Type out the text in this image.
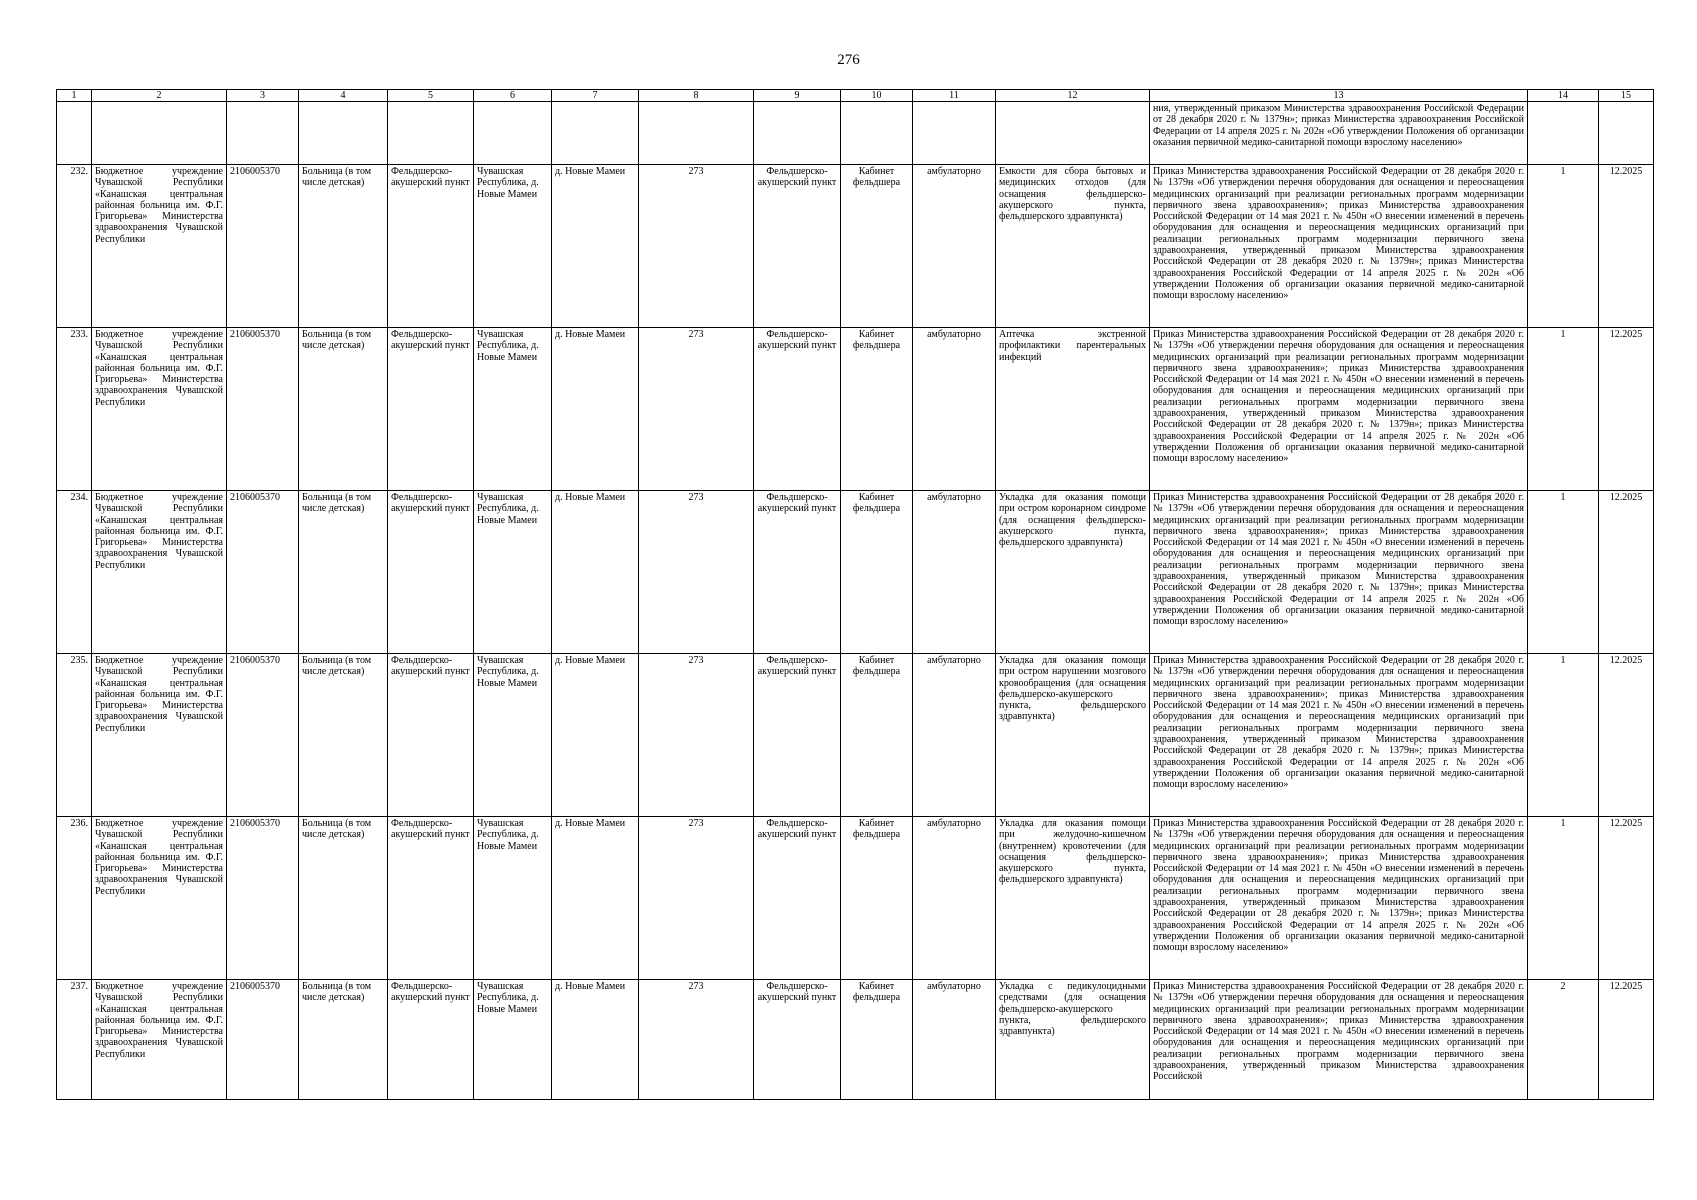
276
1	2	3	4	5	6	7	8	9	10	11	12	13	14	15
												ния, утвержденный приказом Министерства здравоохранения Российской Федерации от 28 декабря 2020 г. № 1379н»; приказ Министерства здравоохранения Российской Федерации от 14 апреля 2025 г. № 202н «Об утверждении Положения об организации оказания первичной медико-санитарной помощи взрослому населению»		
232.	Бюджетное учреждение Чувашской Республики «Канашская центральная районная больница им. Ф.Г. Григорьева» Министерства здравоохранения Чувашской Республики	2106005370	Больница (в том числе детская)	Фельдшерско-акушерский пункт	Чувашская Республика, д. Новые Мамеи	д. Новые Мамеи	273	Фельдшерско-акушерский пункт	Кабинет фельдшера	амбулаторно	Емкости для сбора бытовых и медицинских отходов (для оснащения фельдшерско-акушерского пункта, фельдшерского здравпункта)	Приказ Министерства здравоохранения Российской Федерации от 28 декабря 2020 г. № 1379н «Об утверждении перечня оборудования для оснащения и переоснащения медицинских организаций при реализации региональных программ модернизации первичного звена здравоохранения»; приказ Министерства здравоохранения Российской Федерации от 14 мая 2021 г. № 450н «О внесении изменений в перечень оборудования для оснащения и переоснащения медицинских организаций при реализации региональных программ модернизации первичного звена здравоохранения, утвержденный приказом Министерства здравоохранения Российской Федерации от 28 декабря 2020 г. № 1379н»; приказ Министерства здравоохранения Российской Федерации от 14 апреля 2025 г. № 202н «Об утверждении Положения об организации оказания первичной медико-санитарной помощи взрослому населению»	1	12.2025
233.	Бюджетное учреждение Чувашской Республики «Канашская центральная районная больница им. Ф.Г. Григорьева» Министерства здравоохранения Чувашской Республики	2106005370	Больница (в том числе детская)	Фельдшерско-акушерский пункт	Чувашская Республика, д. Новые Мамеи	д. Новые Мамеи	273	Фельдшерско-акушерский пункт	Кабинет фельдшера	амбулаторно	Аптечка экстренной профилактики парентеральных инфекций	Приказ Министерства здравоохранения Российской Федерации от 28 декабря 2020 г. № 1379н «Об утверждении перечня оборудования для оснащения и переоснащения медицинских организаций при реализации региональных программ модернизации первичного звена здравоохранения»; приказ Министерства здравоохранения Российской Федерации от 14 мая 2021 г. № 450н «О внесении изменений в перечень оборудования для оснащения и переоснащения медицинских организаций при реализации региональных программ модернизации первичного звена здравоохранения, утвержденный приказом Министерства здравоохранения Российской Федерации от 28 декабря 2020 г. № 1379н»; приказ Министерства здравоохранения Российской Федерации от 14 апреля 2025 г. № 202н «Об утверждении Положения об организации оказания первичной медико-санитарной помощи взрослому населению»	1	12.2025
234.	Бюджетное учреждение Чувашской Республики «Канашская центральная районная больница им. Ф.Г. Григорьева» Министерства здравоохранения Чувашской Республики	2106005370	Больница (в том числе детская)	Фельдшерско-акушерский пункт	Чувашская Республика, д. Новые Мамеи	д. Новые Мамеи	273	Фельдшерско-акушерский пункт	Кабинет фельдшера	амбулаторно	Укладка для оказания помощи при остром коронарном синдроме (для оснащения фельдшерско-акушерского пункта, фельдшерского здравпункта)	Приказ Министерства здравоохранения Российской Федерации от 28 декабря 2020 г. № 1379н «Об утверждении перечня оборудования для оснащения и переоснащения медицинских организаций при реализации региональных программ модернизации первичного звена здравоохранения»; приказ Министерства здравоохранения Российской Федерации от 14 мая 2021 г. № 450н «О внесении изменений в перечень оборудования для оснащения и переоснащения медицинских организаций при реализации региональных программ модернизации первичного звена здравоохранения, утвержденный приказом Министерства здравоохранения Российской Федерации от 28 декабря 2020 г. № 1379н»; приказ Министерства здравоохранения Российской Федерации от 14 апреля 2025 г. № 202н «Об утверждении Положения об организации оказания первичной медико-санитарной помощи взрослому населению»	1	12.2025
235.	Бюджетное учреждение Чувашской Республики «Канашская центральная районная больница им. Ф.Г. Григорьева» Министерства здравоохранения Чувашской Республики	2106005370	Больница (в том числе детская)	Фельдшерско-акушерский пункт	Чувашская Республика, д. Новые Мамеи	д. Новые Мамеи	273	Фельдшерско-акушерский пункт	Кабинет фельдшера	амбулаторно	Укладка для оказания помощи при остром нарушении мозгового кровообращения (для оснащения фельдшерско-акушерского пункта, фельдшерского здравпункта)	Приказ Министерства здравоохранения Российской Федерации от 28 декабря 2020 г. № 1379н «Об утверждении перечня оборудования для оснащения и переоснащения медицинских организаций при реализации региональных программ модернизации первичного звена здравоохранения»; приказ Министерства здравоохранения Российской Федерации от 14 мая 2021 г. № 450н «О внесении изменений в перечень оборудования для оснащения и переоснащения медицинских организаций при реализации региональных программ модернизации первичного звена здравоохранения, утвержденный приказом Министерства здравоохранения Российской Федерации от 28 декабря 2020 г. № 1379н»; приказ Министерства здравоохранения Российской Федерации от 14 апреля 2025 г. № 202н «Об утверждении Положения об организации оказания первичной медико-санитарной помощи взрослому населению»	1	12.2025
236.	Бюджетное учреждение Чувашской Республики «Канашская центральная районная больница им. Ф.Г. Григорьева» Министерства здравоохранения Чувашской Республики	2106005370	Больница (в том числе детская)	Фельдшерско-акушерский пункт	Чувашская Республика, д. Новые Мамеи	д. Новые Мамеи	273	Фельдшерско-акушерский пункт	Кабинет фельдшера	амбулаторно	Укладка для оказания помощи при желудочно-кишечном (внутреннем) кровотечении (для оснащения фельдшерско-акушерского пункта, фельдшерского здравпункта)	Приказ Министерства здравоохранения Российской Федерации от 28 декабря 2020 г. № 1379н «Об утверждении перечня оборудования для оснащения и переоснащения медицинских организаций при реализации региональных программ модернизации первичного звена здравоохранения»; приказ Министерства здравоохранения Российской Федерации от 14 мая 2021 г. № 450н «О внесении изменений в перечень оборудования для оснащения и переоснащения медицинских организаций при реализации региональных программ модернизации первичного звена здравоохранения, утвержденный приказом Министерства здравоохранения Российской Федерации от 28 декабря 2020 г. № 1379н»; приказ Министерства здравоохранения Российской Федерации от 14 апреля 2025 г. № 202н «Об утверждении Положения об организации оказания первичной медико-санитарной помощи взрослому населению»	1	12.2025
237.	Бюджетное учреждение Чувашской Республики «Канашская центральная районная больница им. Ф.Г. Григорьева» Министерства здравоохранения Чувашской Республики	2106005370	Больница (в том числе детская)	Фельдшерско-акушерский пункт	Чувашская Республика, д. Новые Мамеи	д. Новые Мамеи	273	Фельдшерско-акушерский пункт	Кабинет фельдшера	амбулаторно	Укладка с педикулоцидными средствами (для оснащения фельдшерско-акушерского пункта, фельдшерского здравпункта)	Приказ Министерства здравоохранения Российской Федерации от 28 декабря 2020 г. № 1379н «Об утверждении перечня оборудования для оснащения и переоснащения медицинских организаций при реализации региональных программ модернизации первичного звена здравоохранения»; приказ Министерства здравоохранения Российской Федерации от 14 мая 2021 г. № 450н «О внесении изменений в перечень оборудования для оснащения и переоснащения медицинских организаций при реализации региональных программ модернизации первичного звена здравоохранения, утвержденный приказом Министерства здравоохранения Российской	2	12.2025
